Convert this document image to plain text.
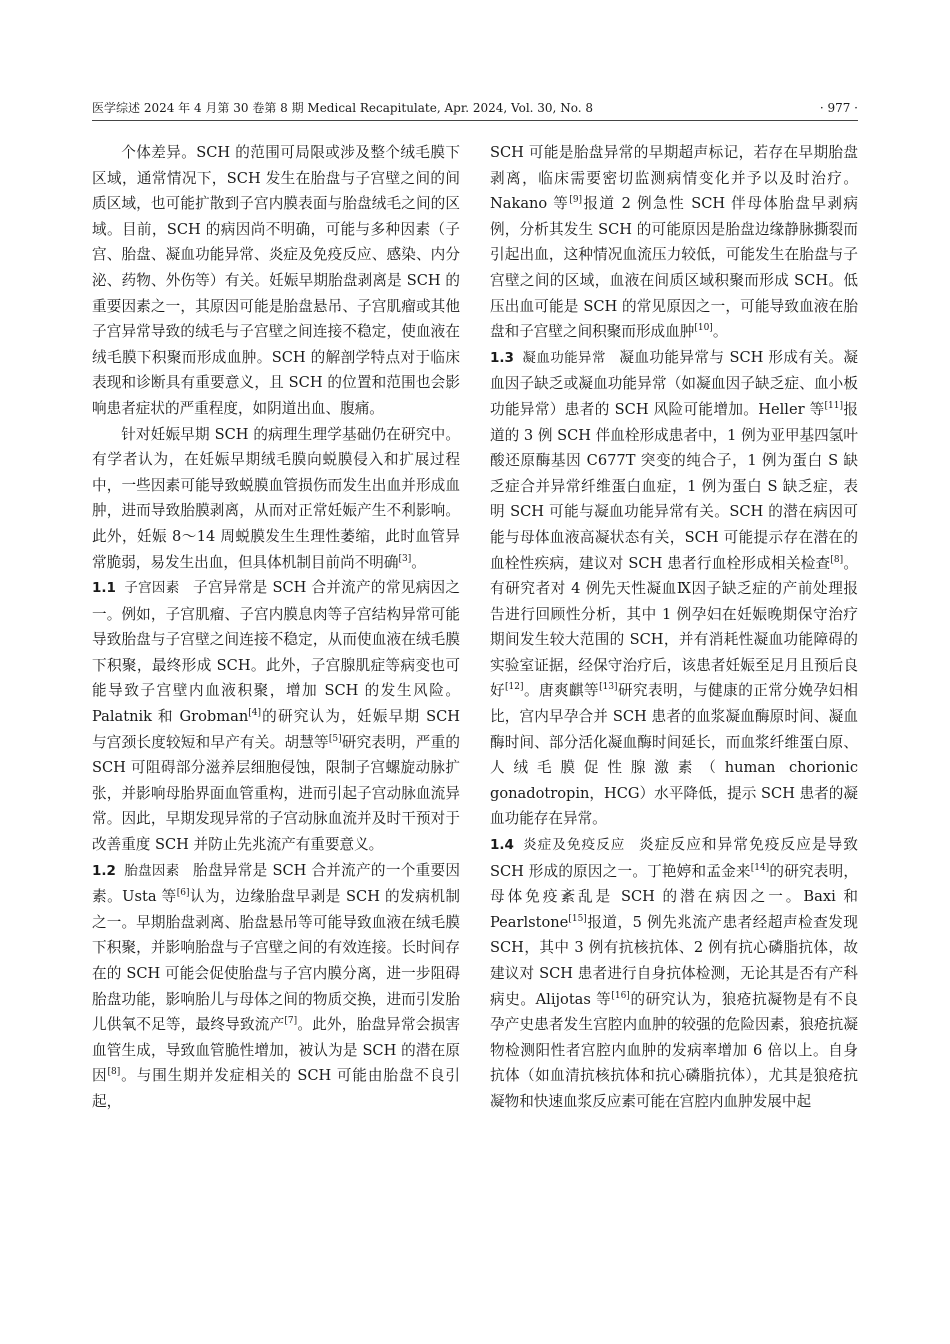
医学综述 2024 年 4 月第 30 卷第 8 期 Medical Recapitulate, Apr. 2024, Vol. 30, No. 8	· 977 ·

个体差异。SCH 的范围可局限或涉及整个绒毛膜下区域，通常情况下，SCH 发生在胎盘与子宫壁之间的间质区域，也可能扩散到子宫内膜表面与胎盘绒毛之间的区域。目前，SCH 的病因尚不明确，可能与多种因素（子宫、胎盘、凝血功能异常、炎症及免疫反应、感染、内分泌、药物、外伤等）有关。妊娠早期胎盘剥离是 SCH 的重要因素之一，其原因可能是胎盘悬吊、子宫肌瘤或其他子宫异常导致的绒毛与子宫壁之间连接不稳定，使血液在绒毛膜下积聚而形成血肿。SCH 的解剖学特点对于临床表现和诊断具有重要意义，且 SCH 的位置和范围也会影响患者症状的严重程度，如阴道出血、腹痛。

针对妊娠早期 SCH 的病理生理学基础仍在研究中。有学者认为，在妊娠早期绒毛膜向蜕膜侵入和扩展过程中，一些因素可能导致蜕膜血管损伤而发生出血并形成血肿，进而导致胎膜剥离，从而对正常妊娠产生不利影响。此外，妊娠 8～14 周蜕膜发生生理性萎缩，此时血管异常脆弱，易发生出血，但具体机制目前尚不明确[3]。

1.1 子宫因素 子宫异常是 SCH 合并流产的常见病因之一。例如，子宫肌瘤、子宫内膜息肉等子宫结构异常可能导致胎盘与子宫壁之间连接不稳定，从而使血液在绒毛膜下积聚，最终形成 SCH。此外，子宫腺肌症等病变也可能导致子宫壁内血液积聚，增加 SCH 的发生风险。Palatnik 和 Grobman[4]的研究认为，妊娠早期 SCH 与宫颈长度较短和早产有关。胡慧等[5]研究表明，严重的 SCH 可阻碍部分滋养层细胞侵蚀，限制子宫螺旋动脉扩张，并影响母胎界面血管重构，进而引起子宫动脉血流异常。因此，早期发现异常的子宫动脉血流并及时干预对于改善重度 SCH 并防止先兆流产有重要意义。

1.2 胎盘因素 胎盘异常是 SCH 合并流产的一个重要因素。Usta 等[6]认为，边缘胎盘早剥是 SCH 的发病机制之一。早期胎盘剥离、胎盘悬吊等可能导致血液在绒毛膜下积聚，并影响胎盘与子宫壁之间的有效连接。长时间存在的 SCH 可能会促使胎盘与子宫内膜分离，进一步阻碍胎盘功能，影响胎儿与母体之间的物质交换，进而引发胎儿供氧不足等，最终导致流产[7]。此外，胎盘异常会损害血管生成，导致血管脆性增加，被认为是 SCH 的潜在原因[8]。与围生期并发症相关的 SCH 可能由胎盘不良引起，

SCH 可能是胎盘异常的早期超声标记，若存在早期胎盘剥离，临床需要密切监测病情变化并予以及时治疗。Nakano 等[9]报道 2 例急性 SCH 伴母体胎盘早剥病例，分析其发生 SCH 的可能原因是胎盘边缘静脉撕裂而引起出血，这种情况血流压力较低，可能发生在胎盘与子宫壁之间的区域，血液在间质区域积聚而形成 SCH。低压出血可能是 SCH 的常见原因之一，可能导致血液在胎盘和子宫壁之间积聚而形成血肿[10]。

1.3 凝血功能异常 凝血功能异常与 SCH 形成有关。凝血因子缺乏或凝血功能异常（如凝血因子缺乏症、血小板功能异常）患者的 SCH 风险可能增加。Heller 等[11]报道的 3 例 SCH 伴血栓形成患者中，1 例为亚甲基四氢叶酸还原酶基因 C677T 突变的纯合子，1 例为蛋白 S 缺乏症合并异常纤维蛋白血症，1 例为蛋白 S 缺乏症，表明 SCH 可能与凝血功能异常有关。SCH 的潜在病因可能与母体血液高凝状态有关，SCH 可能提示存在潜在的血栓性疾病，建议对 SCH 患者行血栓形成相关检查[8]。有研究者对 4 例先天性凝血Ⅸ因子缺乏症的产前处理报告进行回顾性分析，其中 1 例孕妇在妊娠晚期保守治疗期间发生较大范围的 SCH，并有消耗性凝血功能障碍的实验室证据，经保守治疗后，该患者妊娠至足月且预后良好[12]。唐爽麒等[13]研究表明，与健康的正常分娩孕妇相比，宫内早孕合并 SCH 患者的血浆凝血酶原时间、凝血酶时间、部分活化凝血酶时间延长，而血浆纤维蛋白原、人绒毛膜促性腺激素（human chorionic gonadotropin，HCG）水平降低，提示 SCH 患者的凝血功能存在异常。

1.4 炎症及免疫反应 炎症反应和异常免疫反应是导致 SCH 形成的原因之一。丁艳婷和孟金来[14]的研究表明，母体免疫紊乱是 SCH 的潜在病因之一。Baxi 和 Pearlstone[15]报道，5 例先兆流产患者经超声检查发现 SCH，其中 3 例有抗核抗体、2 例有抗心磷脂抗体，故建议对 SCH 患者进行自身抗体检测，无论其是否有产科病史。Alijotas 等[16]的研究认为，狼疮抗凝物是有不良孕产史患者发生宫腔内血肿的较强的危险因素，狼疮抗凝物检测阳性者宫腔内血肿的发病率增加 6 倍以上。自身抗体（如血清抗核抗体和抗心磷脂抗体），尤其是狼疮抗凝物和快速血浆反应素可能在宫腔内血肿发展中起
